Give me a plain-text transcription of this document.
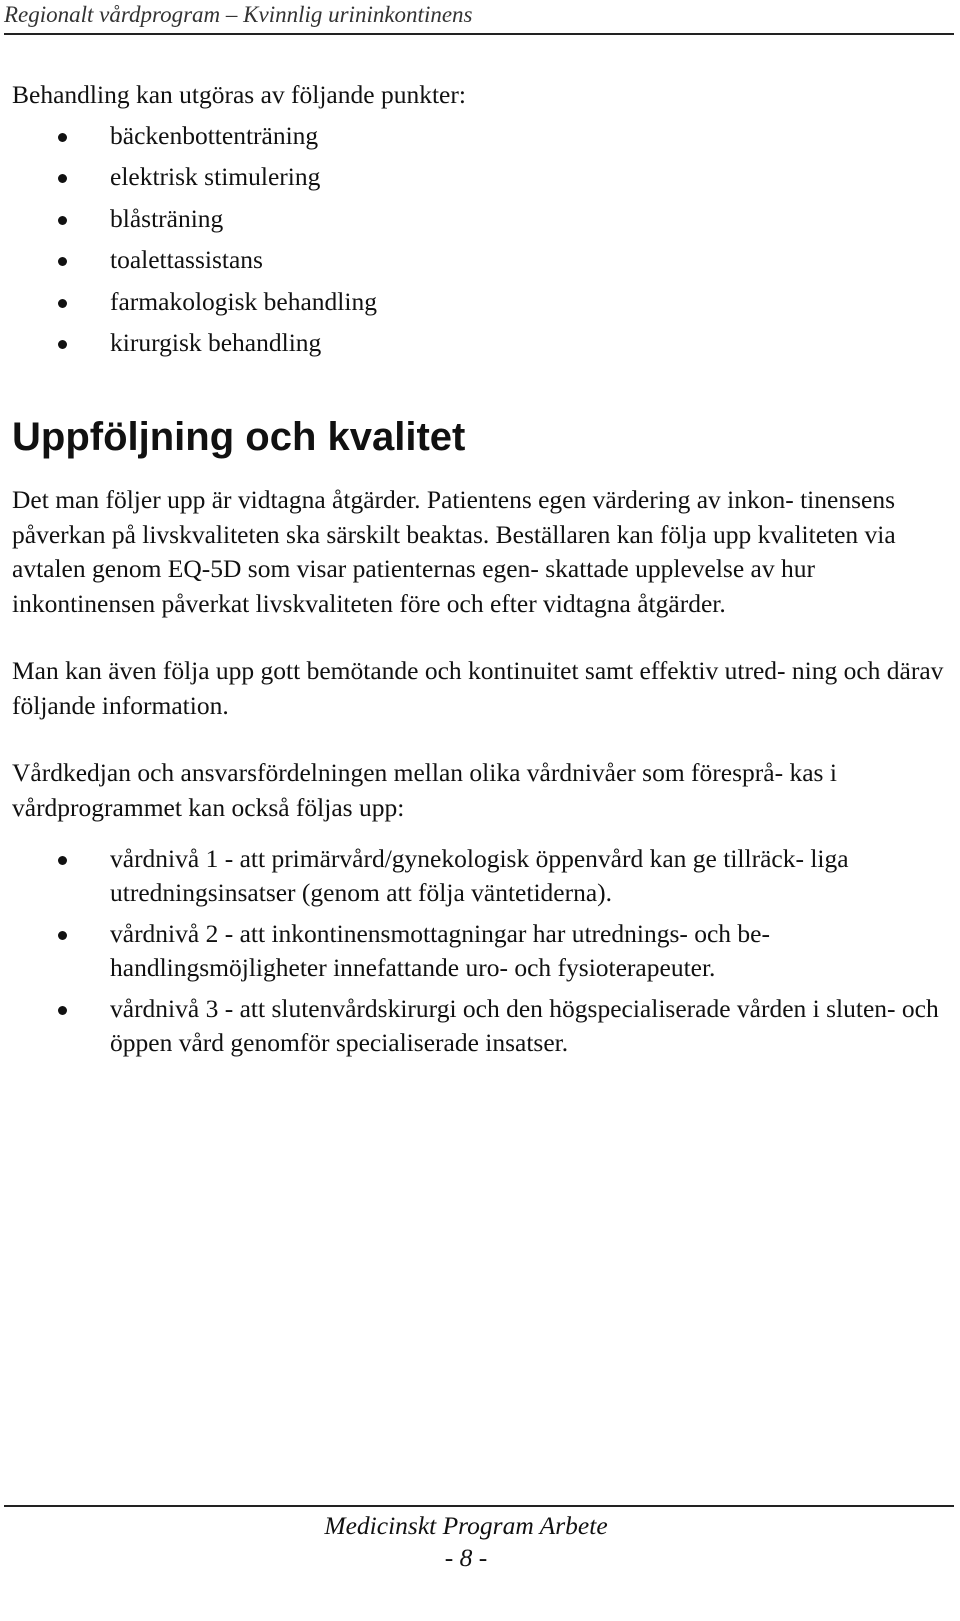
Regionalt vårdprogram – Kvinnlig urininkontinens

Behandling kan utgöras av följande punkter:

bäckenbottenträning
elektrisk stimulering
blåsträning
toalettassistans
farmakologisk behandling
kirurgisk behandling
Uppföljning och kvalitet

Det man följer upp är vidtagna åtgärder. Patientens egen värdering av inkon- tinensens påverkan på livskvaliteten ska särskilt beaktas. Beställaren kan följa upp kvaliteten via avtalen genom EQ-5D som visar patienternas egen- skattade upplevelse av hur inkontinensen påverkat livskvaliteten före och efter vidtagna åtgärder.

Man kan även följa upp gott bemötande och kontinuitet samt effektiv utred- ning och därav följande information.

Vårdkedjan och ansvarsfördelningen mellan olika vårdnivåer som föresprå- kas i vårdprogrammet kan också följas upp:

vårdnivå 1 - att primärvård/gynekologisk öppenvård kan ge tillräck- liga utredningsinsatser (genom att följa väntetiderna).
vårdnivå 2 - att inkontinensmottagningar har utrednings- och be- handlingsmöjligheter innefattande uro- och fysioterapeuter.
vårdnivå 3 - att slutenvårdskirurgi och den högspecialiserade vården i sluten- och öppen vård genomför specialiserade insatser.
Medicinskt Program Arbete
- 8 -
